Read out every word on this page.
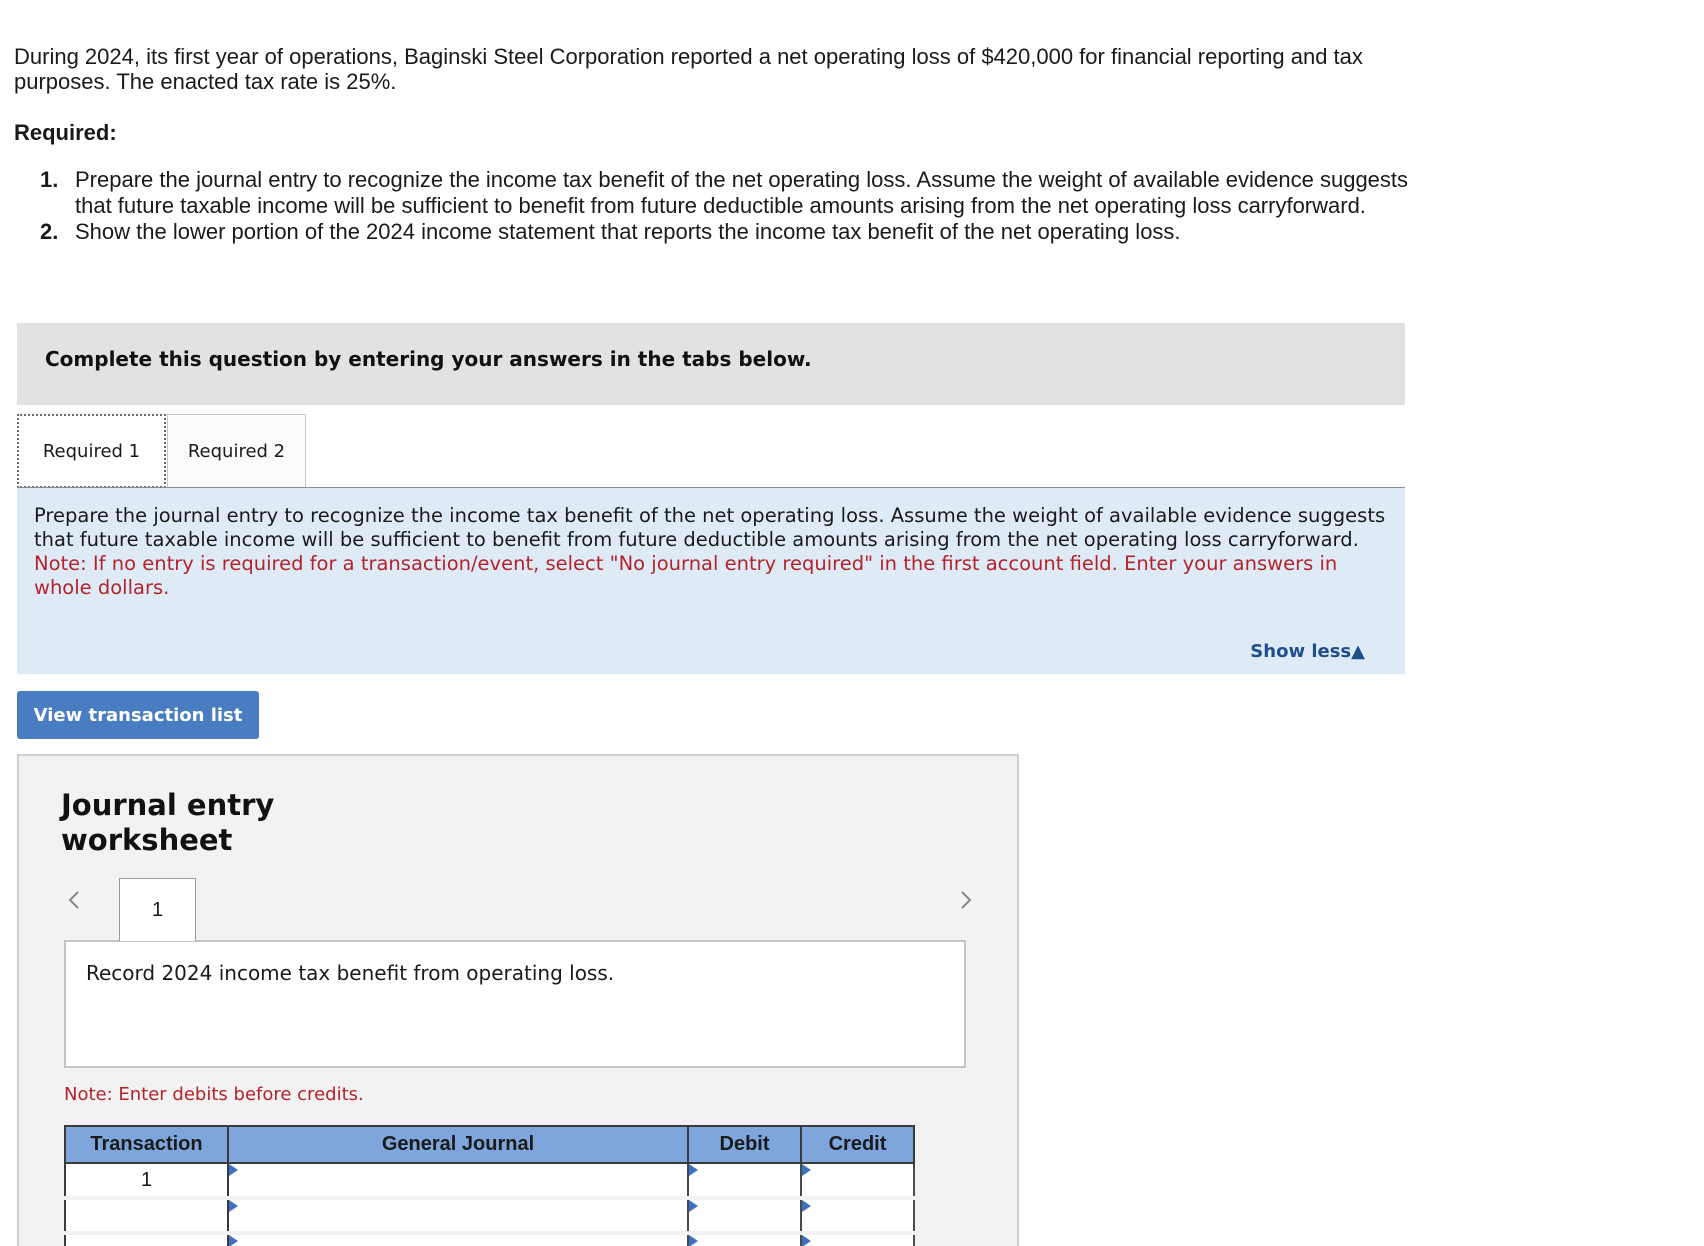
During 2024, its first year of operations, Baginski Steel Corporation reported a net operating loss of $420,000 for financial reporting and tax purposes. The enacted tax rate is 25%.
Required:
1. Prepare the journal entry to recognize the income tax benefit of the net operating loss. Assume the weight of available evidence suggests that future taxable income will be sufficient to benefit from future deductible amounts arising from the net operating loss carryforward.
2. Show the lower portion of the 2024 income statement that reports the income tax benefit of the net operating loss.
Complete this question by entering your answers in the tabs below.
Required 1	Required 2
Prepare the journal entry to recognize the income tax benefit of the net operating loss. Assume the weight of available evidence suggests that future taxable income will be sufficient to benefit from future deductible amounts arising from the net operating loss carryforward.
Note: If no entry is required for a transaction/event, select "No journal entry required" in the first account field. Enter your answers in whole dollars.
Show less▲
View transaction list
Journal entry
worksheet
1
Record 2024 income tax benefit from operating loss.
Note: Enter debits before credits.
Transaction	General Journal	Debit	Credit
1			
